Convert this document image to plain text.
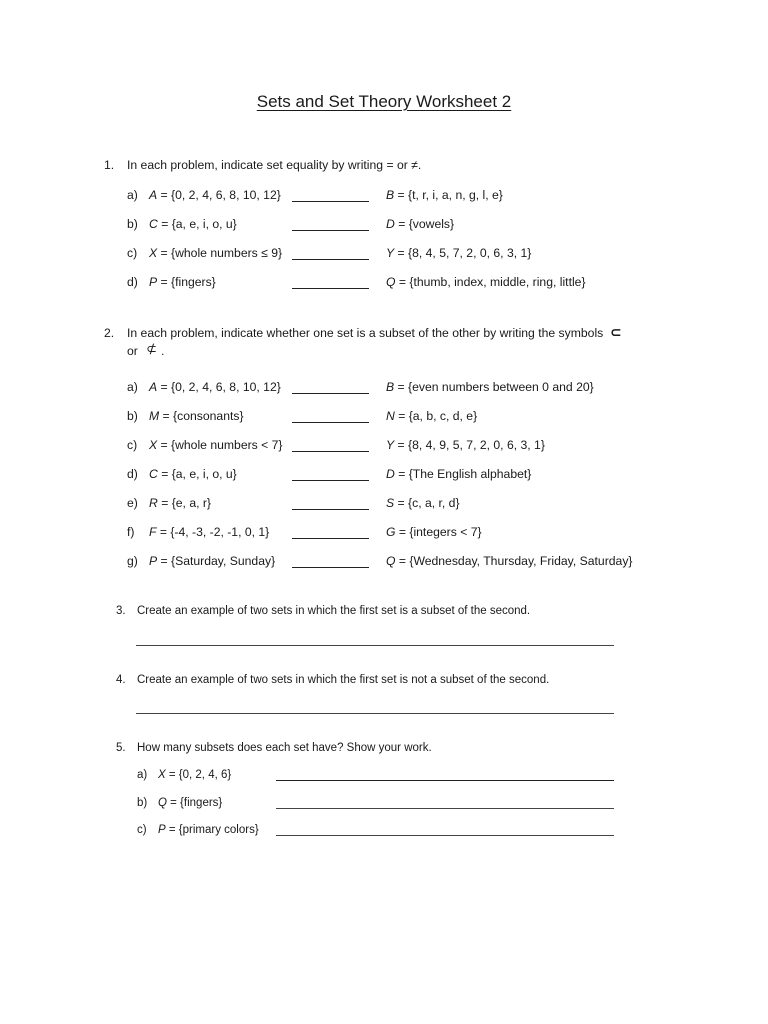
Sets and Set Theory Worksheet 2
1. In each problem, indicate set equality by writing = or ≠.
a) A = {0, 2, 4, 6, 8, 10, 12}	B = {t, r, i, a, n, g, l, e}
b) C = {a, e, i, o, u}	D = {vowels}
c) X = {whole numbers ≤ 9}	Y = {8, 4, 5, 7, 2, 0, 6, 3, 1}
d) P = {fingers}	Q = {thumb, index, middle, ring, little}
2. In each problem, indicate whether one set is a subset of the other by writing the symbols ⊂
or ⊄ .
a) A = {0, 2, 4, 6, 8, 10, 12}	B = {even numbers between 0 and 20}
b) M = {consonants}	N = {a, b, c, d, e}
c) X = {whole numbers < 7}	Y = {8, 4, 9, 5, 7, 2, 0, 6, 3, 1}
d) C = {a, e, i, o, u}	D = {The English alphabet}
e) R = {e, a, r}	S = {c, a, r, d}
f) F = {-4, -3, -2, -1, 0, 1}	G = {integers < 7}
g) P = {Saturday, Sunday}	Q = {Wednesday, Thursday, Friday, Saturday}
3. Create an example of two sets in which the first set is a subset of the second.
4. Create an example of two sets in which the first set is not a subset of the second.
5. How many subsets does each set have? Show your work.
a) X = {0, 2, 4, 6}
b) Q = {fingers}
c) P = {primary colors}
